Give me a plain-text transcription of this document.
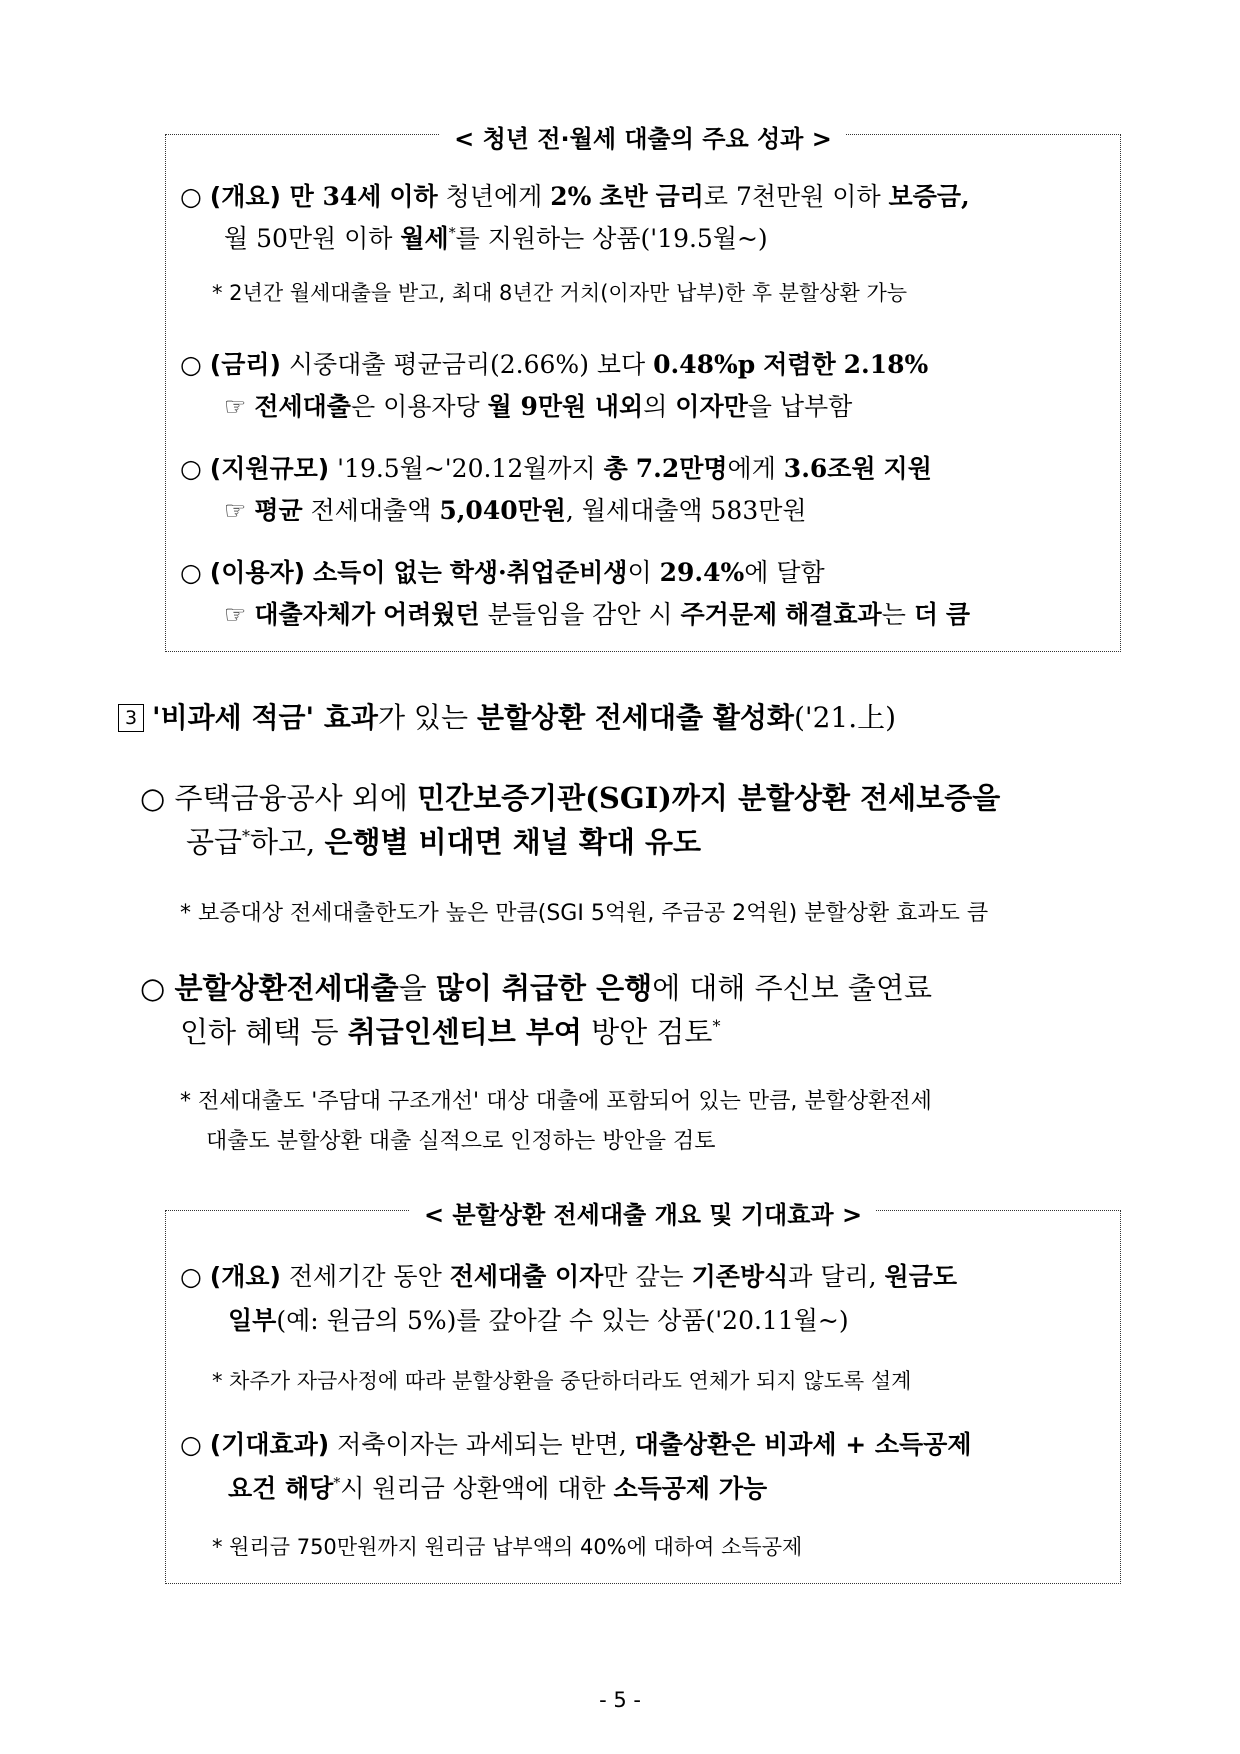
< 청년 전·월세 대출의 주요 성과 >
○ (개요) 만 34세 이하 청년에게 2% 초반 금리로 7천만원 이하 보증금,
월 50만원 이하 월세*를 지원하는 상품('19.5월~)
* 2년간 월세대출을 받고, 최대 8년간 거치(이자만 납부)한 후 분할상환 가능
○ (금리) 시중대출 평균금리(2.66%) 보다 0.48%p 저렴한 2.18%
☞ 전세대출은 이용자당 월 9만원 내외의 이자만을 납부함
○ (지원규모) '19.5월~'20.12월까지 총 7.2만명에게 3.6조원 지원
☞ 평균 전세대출액 5,040만원, 월세대출액 583만원
○ (이용자) 소득이 없는 학생·취업준비생이 29.4%에 달함
☞ 대출자체가 어려웠던 분들임을 감안 시 주거문제 해결효과는 더 큼
3 '비과세 적금' 효과가 있는 분할상환 전세대출 활성화('21.上)
○ 주택금융공사 외에 민간보증기관(SGI)까지 분할상환 전세보증을
공급*하고, 은행별 비대면 채널 확대 유도
* 보증대상 전세대출한도가 높은 만큼(SGI 5억원, 주금공 2억원) 분할상환 효과도 큼
○ 분할상환전세대출을 많이 취급한 은행에 대해 주신보 출연료
인하 혜택 등 취급인센티브 부여 방안 검토*
* 전세대출도 '주담대 구조개선' 대상 대출에 포함되어 있는 만큼, 분할상환전세
대출도 분할상환 대출 실적으로 인정하는 방안을 검토
< 분할상환 전세대출 개요 및 기대효과 >
○ (개요) 전세기간 동안 전세대출 이자만 갚는 기존방식과 달리, 원금도
일부(예: 원금의 5%)를 갚아갈 수 있는 상품('20.11월~)
* 차주가 자금사정에 따라 분할상환을 중단하더라도 연체가 되지 않도록 설계
○ (기대효과) 저축이자는 과세되는 반면, 대출상환은 비과세 + 소득공제
요건 해당*시 원리금 상환액에 대한 소득공제 가능
* 원리금 750만원까지 원리금 납부액의 40%에 대하여 소득공제
- 5 -
